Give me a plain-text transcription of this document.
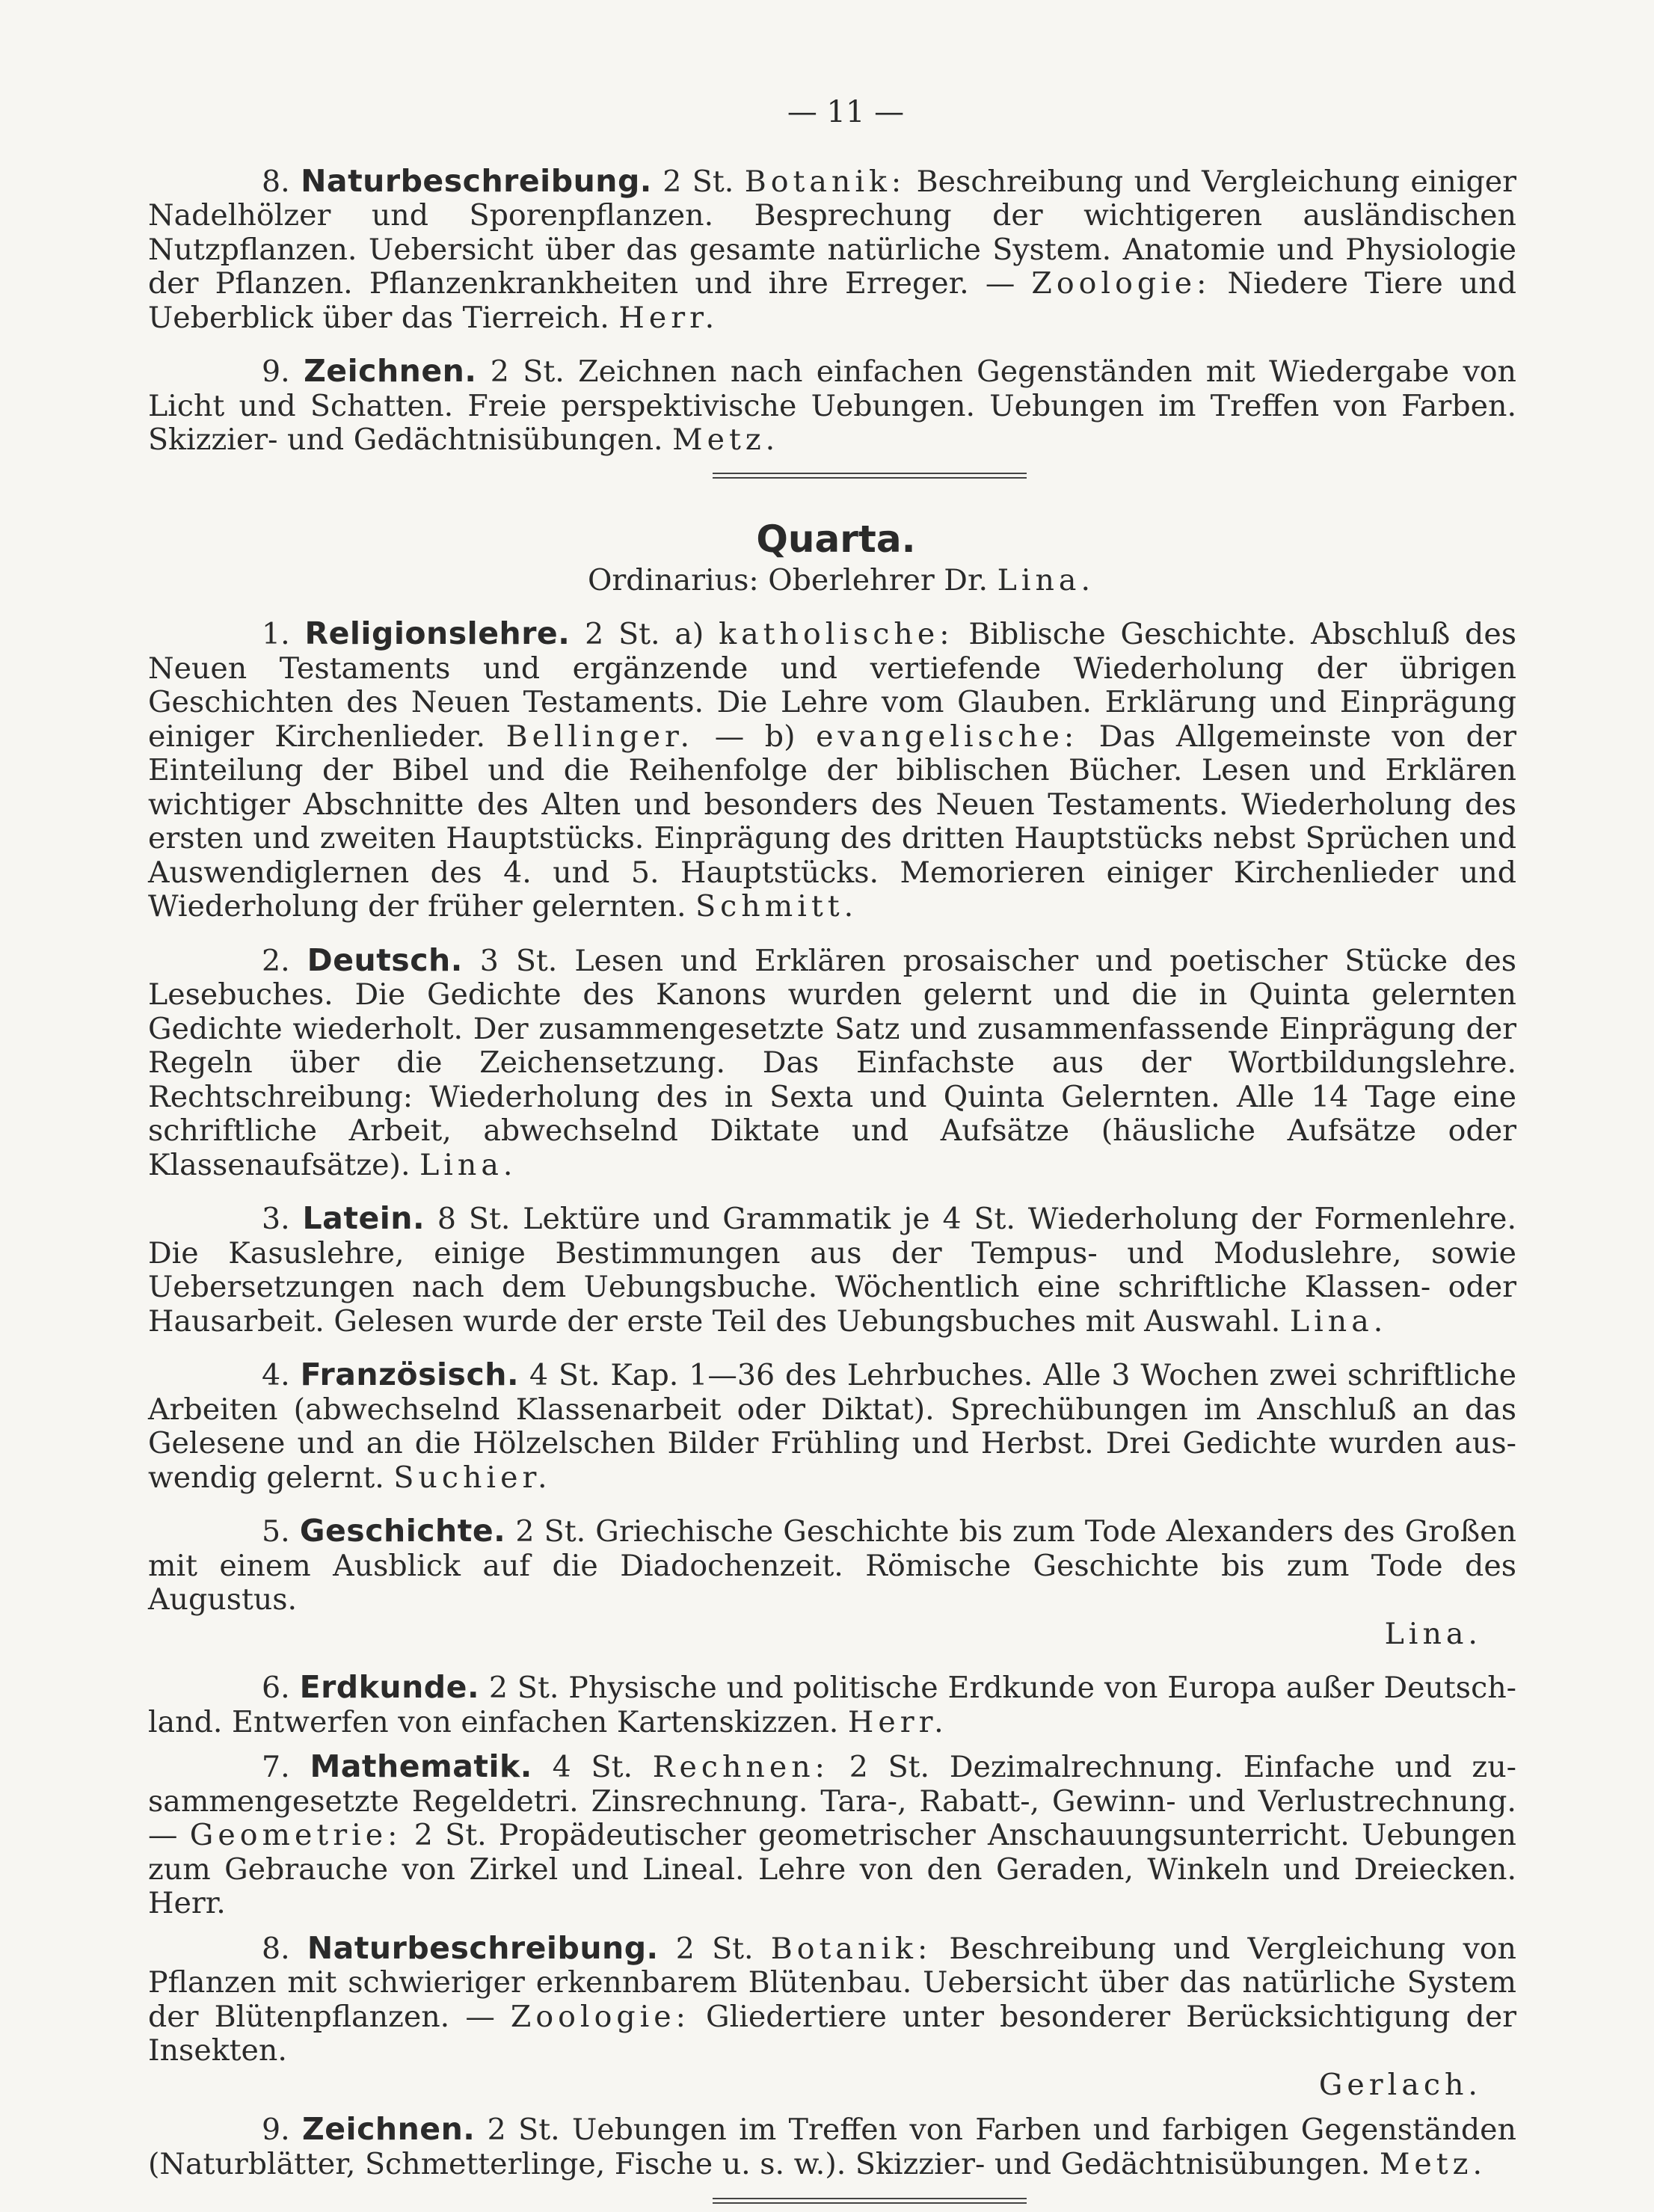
— 11 —

8. Naturbeschreibung. 2 St. Botanik: Beschreibung und Vergleichung einiger Nadelhölzer und Sporenpflanzen. Besprechung der wichtigeren ausländischen Nutzpflanzen. Uebersicht über das gesamte natürliche System. Anatomie und Physiologie der Pflanzen. Pflanzenkrankheiten und ihre Erreger. — Zoologie: Niedere Tiere und Ueberblick über das Tierreich. Herr.

9. Zeichnen. 2 St. Zeichnen nach einfachen Gegenständen mit Wiedergabe von Licht und Schatten. Freie perspektivische Uebungen. Uebungen im Treffen von Farben. Skizzier- und Gedächtnisübungen. Metz.

Quarta.
Ordinarius: Oberlehrer Dr. Lina.

1. Religionslehre. 2 St. a) katholische: Biblische Geschichte. Abschluß des Neuen Testaments und ergänzende und vertiefende Wiederholung der übrigen Geschichten des Neuen Testaments. Die Lehre vom Glauben. Erklärung und Einprägung einiger Kirchenlieder. Bellinger. — b) evangelische: Das Allgemeinste von der Einteilung der Bibel und die Reihenfolge der biblischen Bücher. Lesen und Erklären wichtiger Abschnitte des Alten und besonders des Neuen Testaments. Wiederholung des ersten und zweiten Hauptstücks. Einprägung des dritten Hauptstücks nebst Sprüchen und Auswendiglernen des 4. und 5. Hauptstücks. Memorieren einiger Kirchenlieder und Wiederholung der früher gelernten. Schmitt.

2. Deutsch. 3 St. Lesen und Erklären prosaischer und poetischer Stücke des Lesebuches. Die Gedichte des Kanons wurden gelernt und die in Quinta gelernten Gedichte wiederholt. Der zusammengesetzte Satz und zusammenfassende Einprägung der Regeln über die Zeichensetzung. Das Einfachste aus der Wortbildungslehre. Rechtschreibung: Wiederholung des in Sexta und Quinta Gelernten. Alle 14 Tage eine schriftliche Arbeit, abwechselnd Diktate und Aufsätze (häusliche Aufsätze oder Klassenaufsätze). Lina.

3. Latein. 8 St. Lektüre und Grammatik je 4 St. Wiederholung der Formenlehre. Die Kasuslehre, einige Bestimmungen aus der Tempus- und Moduslehre, sowie Uebersetzungen nach dem Uebungsbuche. Wöchentlich eine schriftliche Klassen- oder Hausarbeit. Gelesen wurde der erste Teil des Uebungsbuches mit Auswahl. Lina.

4. Französisch. 4 St. Kap. 1—36 des Lehrbuches. Alle 3 Wochen zwei schriftliche Arbeiten (abwechselnd Klassenarbeit oder Diktat). Sprechübungen im Anschluß an das Gelesene und an die Hölzelschen Bilder Frühling und Herbst. Drei Gedichte wurden auswendig gelernt. Suchier.

5. Geschichte. 2 St. Griechische Geschichte bis zum Tode Alexanders des Großen mit einem Ausblick auf die Diadochenzeit. Römische Geschichte bis zum Tode des Augustus.
Lina.

6. Erdkunde. 2 St. Physische und politische Erdkunde von Europa außer Deutschland. Entwerfen von einfachen Kartenskizzen. Herr.

7. Mathematik. 4 St. Rechnen: 2 St. Dezimalrechnung. Einfache und zusammengesetzte Regeldetri. Zinsrechnung. Tara-, Rabatt-, Gewinn- und Verlustrechnung. — Geometrie: 2 St. Propädeutischer geometrischer Anschauungsunterricht. Uebungen zum Gebrauche von Zirkel und Lineal. Lehre von den Geraden, Winkeln und Dreiecken. Herr.

8. Naturbeschreibung. 2 St. Botanik: Beschreibung und Vergleichung von Pflanzen mit schwieriger erkennbarem Blütenbau. Uebersicht über das natürliche System der Blütenpflanzen. — Zoologie: Gliedertiere unter besonderer Berücksichtigung der Insekten.
Gerlach.

9. Zeichnen. 2 St. Uebungen im Treffen von Farben und farbigen Gegenständen (Naturblätter, Schmetterlinge, Fische u. s. w.). Skizzier- und Gedächtnisübungen. Metz.
